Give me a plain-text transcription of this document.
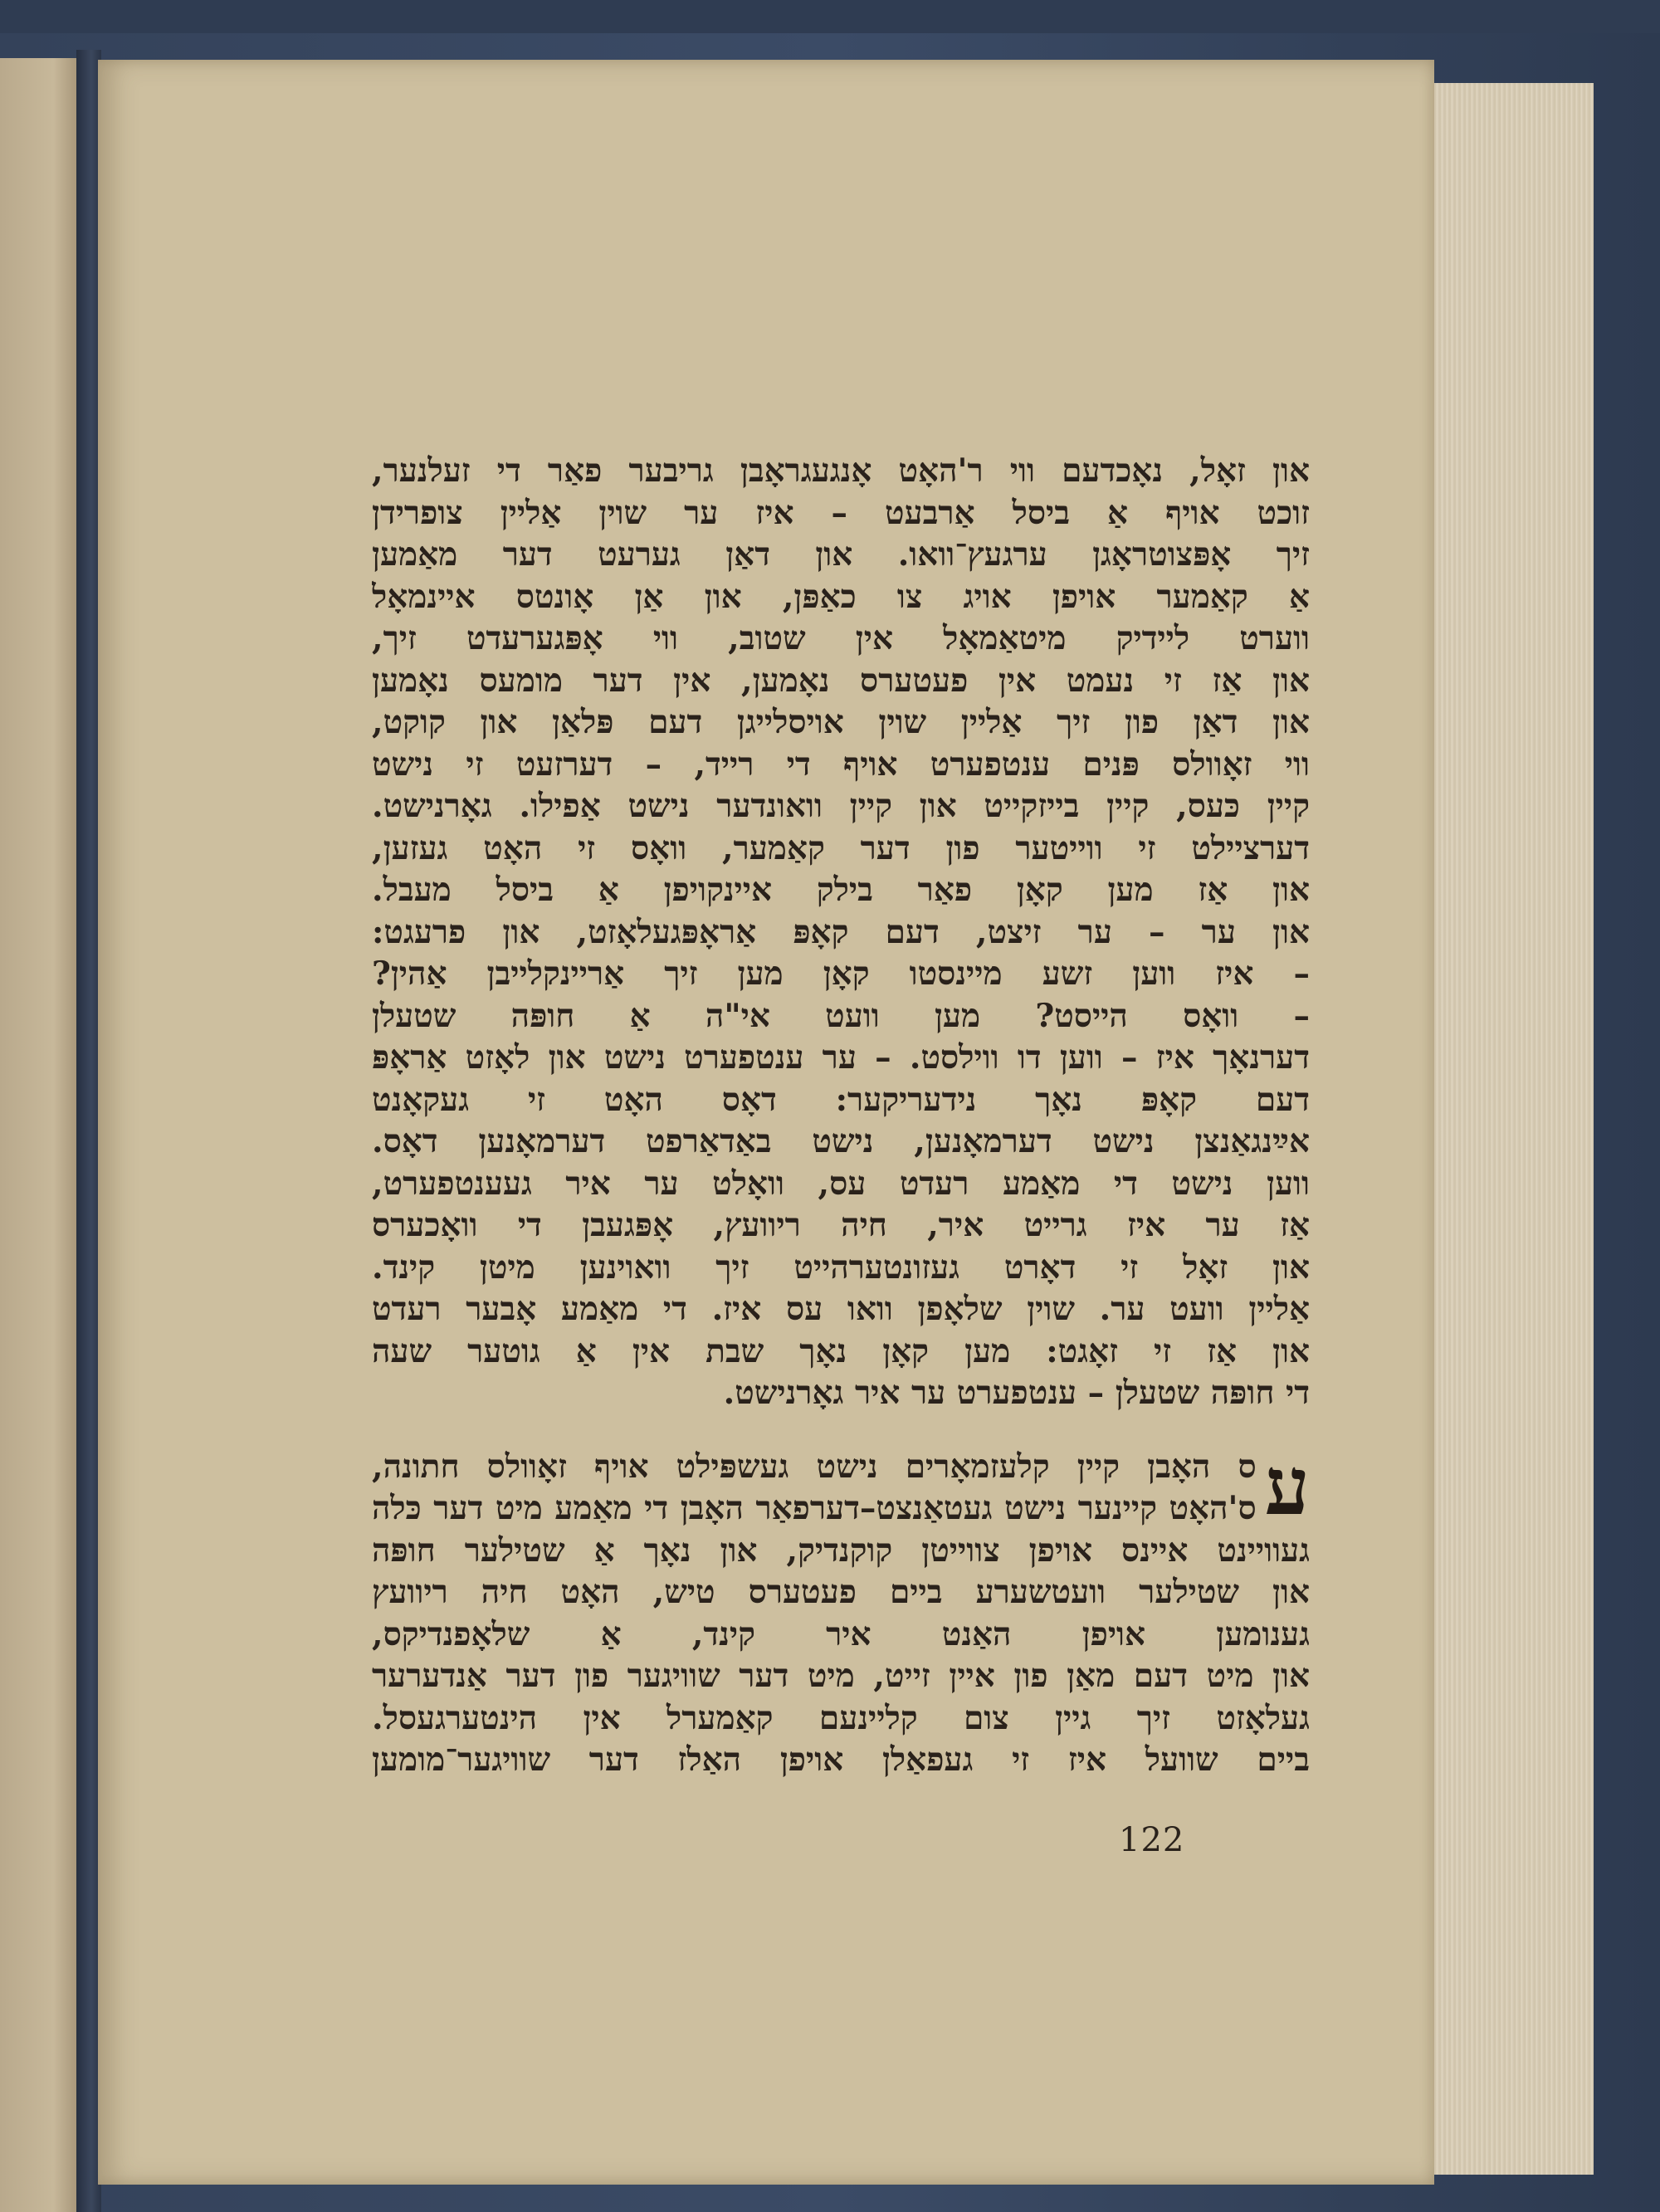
און זאָל, נאָכדעם ווי ר'האָט אָנגעגראָבן גריבער פאַר די זעלנער,
זוכט אויף אַ ביסל אַרבעט – איז ער שוין אַליין צופרידן
זיך אָפּצוטראָגן ערגעץ־וואו. און דאַן גערעט דער מאַמען
אַ קאַמער אויפן אויג צו כאַפּן, און אַן אָונטס איינמאָל
ווערט ליידיק מיטאַמאָל אין שטוב, ווי אָפּגערעדט זיך,
און אַז זי נעמט אין פעטערס נאָמען, אין דער מומעס נאָמען
און דאַן פון זיך אַליין שוין אויסלייגן דעם פּלאַן און קוקט,
ווי זאָוולס פּנים ענטפערט אויף די רייד, – דערזעט זי נישט
קיין כּעס, קיין בייזקייט און קיין וואונדער נישט אַפילו. גאָרנישט.
דערציילט זי ווייטער פון דער קאַמער, וואָס זי האָט געזען,
און אַז מען קאָן פאַר בילק איינקויפן אַ ביסל מעבל.
און ער – ער זיצט, דעם קאָפּ אַראָפּגעלאָזט, און פרעגט:
– איז ווען זשע מיינסטו קאָן מען זיך אַריינקלייבן אַהין?
– וואָס הייסט? מען וועט אי"ה אַ חופּה שטעלן
דערנאָך איז – ווען דו ווילסט. – ער ענטפערט נישט און לאָזט אַראָפּ
דעם קאָפּ נאָך נידעריקער: דאָס האָט זי געקאָנט
אײַנגאַנצן נישט דערמאָנען, נישט באַדאַרפט דערמאָנען דאָס.
ווען נישט די מאַמע רעדט עס, וואָלט ער איר געענטפערט,
אַז ער איז גרייט איר, חיה ריוועץ, אָפּגעבן די וואָכערס
און זאָל זי דאָרט געזונטערהייט זיך וואוינען מיטן קינד.
אַליין וועט ער. שוין שלאָפן וואו עס איז. די מאַמע אָבער רעדט
און אַז זי זאָגט: מען קאָן נאָך שבת אין אַ גוטער שעה
די חופּה שטעלן – ענטפערט ער איר גאָרנישט.
ע
ס האָבן קיין קלעזמאָרים נישט געשפּילט אויף זאָוולס חתונה,
ס'האָט קיינער נישט געטאַנצט–דערפאַר האָבן די מאַמע מיט דער כּלה
געוויינט איינס אויפן צווייטן קוקנדיק, און נאָך אַ שטילער חופּה
און שטילער וועטשערע ביים פעטערס טיש, האָט חיה ריוועץ
גענומען אויפן האַנט איר קינד, אַ שלאָפנדיקס,
און מיט דעם מאַן פון איין זייט, מיט דער שוויגער פון דער אַנדערער
געלאָזט זיך גיין צום קליינעם קאַמערל אין הינטערגעסל.
ביים שוועל איז זי געפאַלן אויפן האַלז דער שוויגער־מומען
122
